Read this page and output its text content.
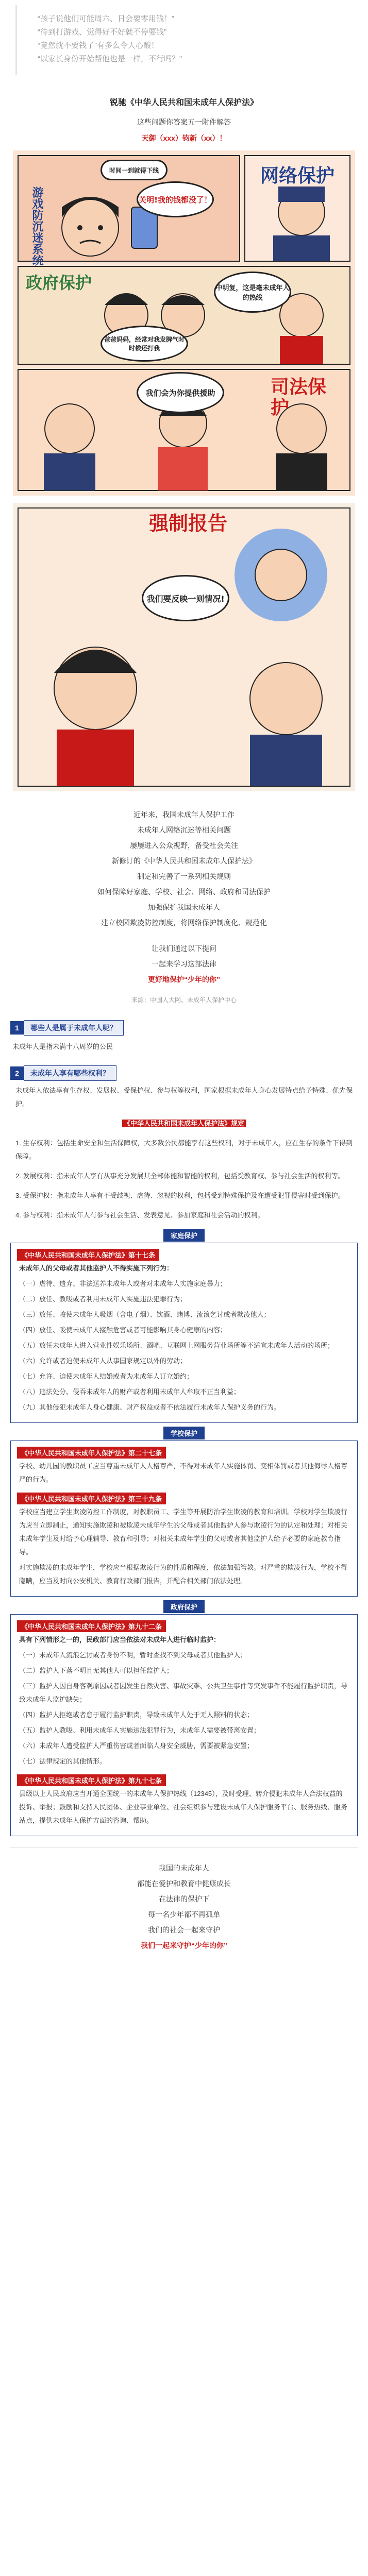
“孩子说他们可能周六、日会要零用钱！”

“待到打游戏、觉得好不好就不停要钱”

“竟然就不要钱了”有多么令人心酸！

“以家长身份开始帮他也是一样，不行吗？”

锐驰《中华人民共和国未成年人保护法》
这些问题你答案五一附件解答
天御（xxx）钧新（xx）！
时间一到就得下线
关明!我的钱都没了！
游戏防沉迷系统
网络保护
政府保护	中明复，这是毫未成年人的热线
爸爸妈妈，经常对我发脾气时时候还打我
司法保护
我们会为你提供援助
强制报告
我们要反映一则情况!
近年来，我国未成年人保护工作
未成年人网络沉迷等相关问题
屡屡进入公众视野，备受社会关注
新修订的《中华人民共和国未成年人保护法》
制定和完善了一系列相关规则
如何保障好家庭、学校、社会、网络、政府和司法保护
加强保护我国未成年人
建立校园欺凌防控制度，将网络保护制度化、规范化
让我们通过以下提问
一起来学习这部法律
更好地保护“少年的你”
来源：中国人大网、未成年人保护中心
1	哪些人是属于未成年人呢？
未成年人是指未满十八周岁的公民
2	未成年人享有哪些权利？
未成年人依法享有生存权、发展权、受保护权、参与权等权利，国家根据未成年人身心发展特点给予特殊、优先保护。
《中华人民共和国未成年人保护法》规定
1. 生存权利：包括生命安全和生活保障权，大多数公民都能享有这些权利，对于未成年人，应在生存的条件下得到保障。
2. 发展权利：指未成年人享有从事充分发展其全部体能和智能的权利，包括受教育权、参与社会生活的权利等。
3. 受保护权：指未成年人享有不受歧视、虐待、忽视的权利，包括受到特殊保护及在遭受犯罪侵害时受到保护。
4. 参与权利：指未成年人有参与社会生活、发表意见、参加家庭和社会活动的权利。
家庭保护
《中华人民共和国未成年人保护法》第十七条
未成年人的父母或者其他监护人不得实施下列行为：
（一）虐待、遗弃、非法送养未成年人或者对未成年人实施家庭暴力；
（二）放任、教唆或者利用未成年人实施违法犯罪行为；
（三）放任、唆使未成年人吸烟（含电子烟）、饮酒、赌博、流浪乞讨或者欺凌他人；
（四）放任、唆使未成年人接触危害或者可能影响其身心健康的内容；
（五）放任未成年人进入营业性娱乐场所、酒吧、互联网上网服务营业场所等不适宜未成年人活动的场所；
（六）允许或者迫使未成年人从事国家规定以外的劳动；
（七）允许、迫使未成年人结婚或者为未成年人订立婚约；
（八）违法处分、侵吞未成年人的财产或者利用未成年人牟取不正当利益；
（九）其他侵犯未成年人身心健康、财产权益或者不依法履行未成年人保护义务的行为。
学校保护
《中华人民共和国未成年人保护法》第二十七条
学校、幼儿园的教职员工应当尊重未成年人人格尊严，不得对未成年人实施体罚、变相体罚或者其他侮辱人格尊严的行为。
《中华人民共和国未成年人保护法》第三十九条
学校应当建立学生欺凌防控工作制度，对教职员工、学生等开展防治学生欺凌的教育和培训。学校对学生欺凌行为应当立即制止，通知实施欺凌和被欺凌未成年学生的父母或者其他监护人参与欺凌行为的认定和处理；对相关未成年学生及时给予心理辅导、教育和引导；对相关未成年学生的父母或者其他监护人给予必要的家庭教育指导。
对实施欺凌的未成年学生，学校应当根据欺凌行为的性质和程度，依法加强管教。对严重的欺凌行为，学校不得隐瞒，应当及时向公安机关、教育行政部门报告，并配合相关部门依法处理。
政府保护
《中华人民共和国未成年人保护法》第九十二条
具有下列情形之一的，民政部门应当依法对未成年人进行临时监护：
（一）未成年人流浪乞讨或者身份不明，暂时查找不到父母或者其他监护人；
（二）监护人下落不明且无其他人可以担任监护人；
（三）监护人因自身客观原因或者因发生自然灾害、事故灾难、公共卫生事件等突发事件不能履行监护职责，导致未成年人监护缺失；
（四）监护人拒绝或者怠于履行监护职责，导致未成年人处于无人照料的状态；
（五）监护人教唆、利用未成年人实施违法犯罪行为，未成年人需要被带离安置；
（六）未成年人遭受监护人严重伤害或者面临人身安全威胁，需要被紧急安置；
（七）法律规定的其他情形。
《中华人民共和国未成年人保护法》第九十七条
县级以上人民政府应当开通全国统一的未成年人保护热线（12345），及时受理、转介侵犯未成年人合法权益的投诉、举报；鼓励和支持人民团体、企业事业单位、社会组织参与建设未成年人保护服务平台、服务热线、服务站点，提供未成年人保护方面的咨询、帮助。
我国的未成年人
都能在爱护和教育中健康成长
在法律的保护下
每一名少年都不再孤单
我们的社会一起来守护
我们一起来守护“少年的你”
